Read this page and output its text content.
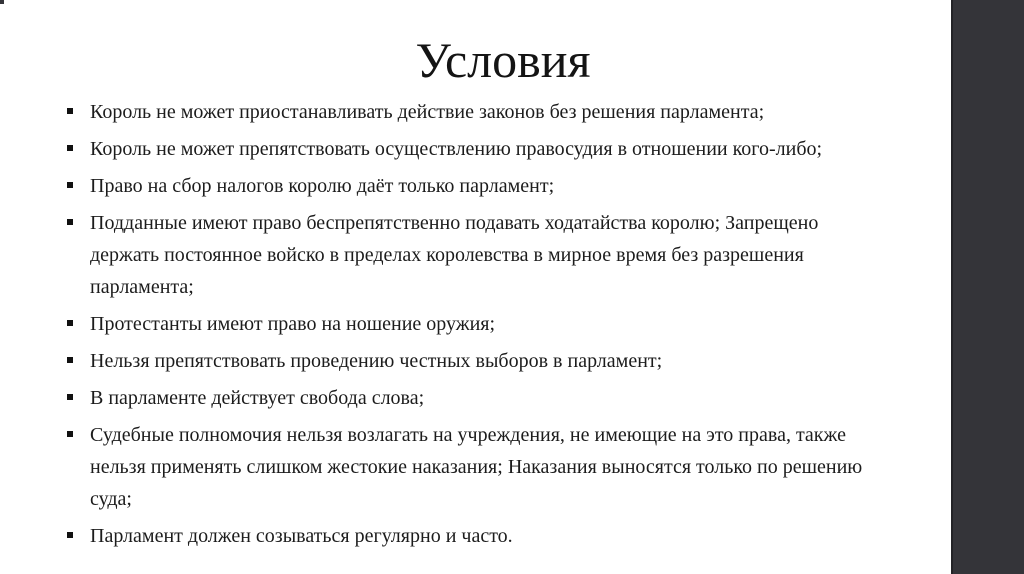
Условия
Король не может приостанавливать действие законов без решения парламента;
Король не может препятствовать осуществлению правосудия в отношении кого-либо;
Право на сбор налогов королю даёт только парламент;
Подданные имеют право беспрепятственно подавать ходатайства королю; Запрещено держать постоянное войско в пределах королевства в мирное время без разрешения парламента;
Протестанты имеют право на ношение оружия;
Нельзя препятствовать проведению честных выборов в парламент;
В парламенте действует свобода слова;
Судебные полномочия нельзя возлагать на учреждения, не имеющие на это права, также нельзя применять слишком жестокие наказания; Наказания выносятся только по решению суда;
Парламент должен созываться регулярно и часто.
